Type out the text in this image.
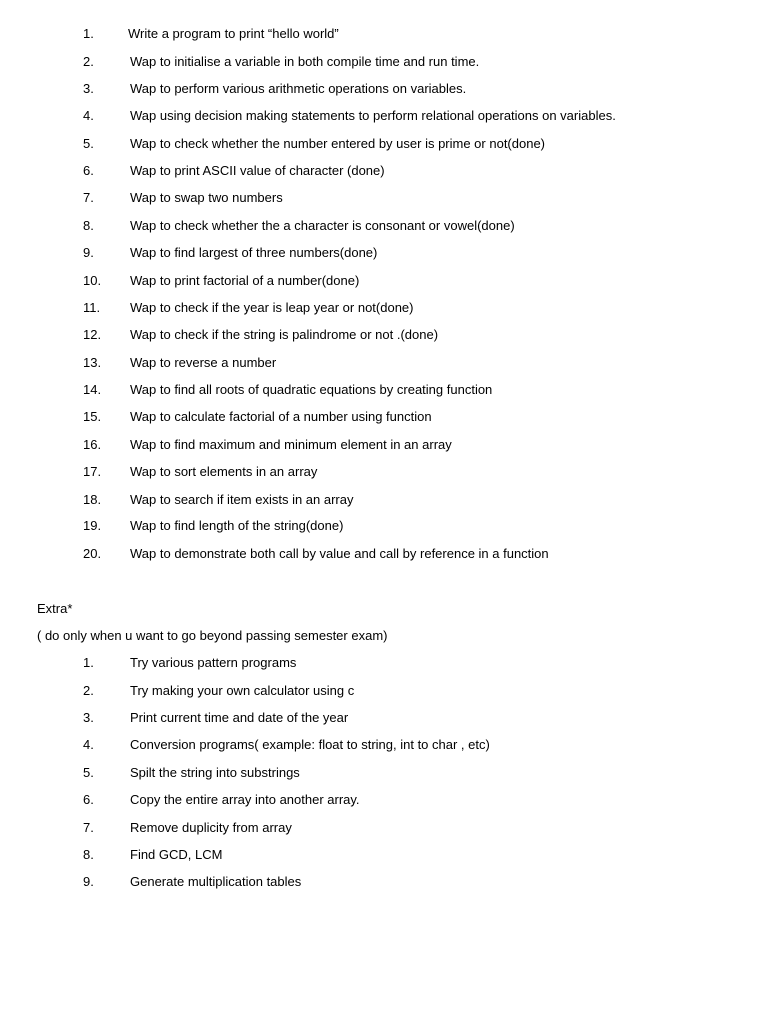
1.	Write a program to print “hello world”
2.	Wap to initialise a variable in both compile time and run time.
3.	Wap to perform various arithmetic operations on variables.
4.	Wap using decision making statements to perform relational operations on variables.
5.	Wap to check whether the number entered by user is prime or not(done)
6.	Wap to print ASCII value of character (done)
7.	Wap to swap two numbers
8.	Wap to check whether the a character is consonant or vowel(done)
9.	Wap to find largest of three numbers(done)
10.	Wap to print factorial of a number(done)
11.	Wap to check if the year is leap year or not(done)
12.	Wap to check if the string is palindrome or not .(done)
13.	Wap to reverse a number
14.	Wap to find all roots of quadratic equations by creating function
15.	Wap to calculate factorial of a number using function
16.	Wap to find maximum and minimum element in an array
17.	Wap to sort elements in an array
18.	Wap to search if item exists in an array
19.	Wap to find length of the string(done)
20.	Wap to demonstrate both call by value and call by reference in a function
Extra*
( do only when u want to go beyond passing semester exam)
1.	Try various pattern programs
2.	Try making your own calculator using c
3.	Print current time and date of the year
4.	Conversion programs( example: float to string, int to char , etc)
5.	Spilt the string into substrings
6.	Copy the entire array into another array.
7.	Remove duplicity from array
8.	Find GCD, LCM
9.	Generate multiplication tables
